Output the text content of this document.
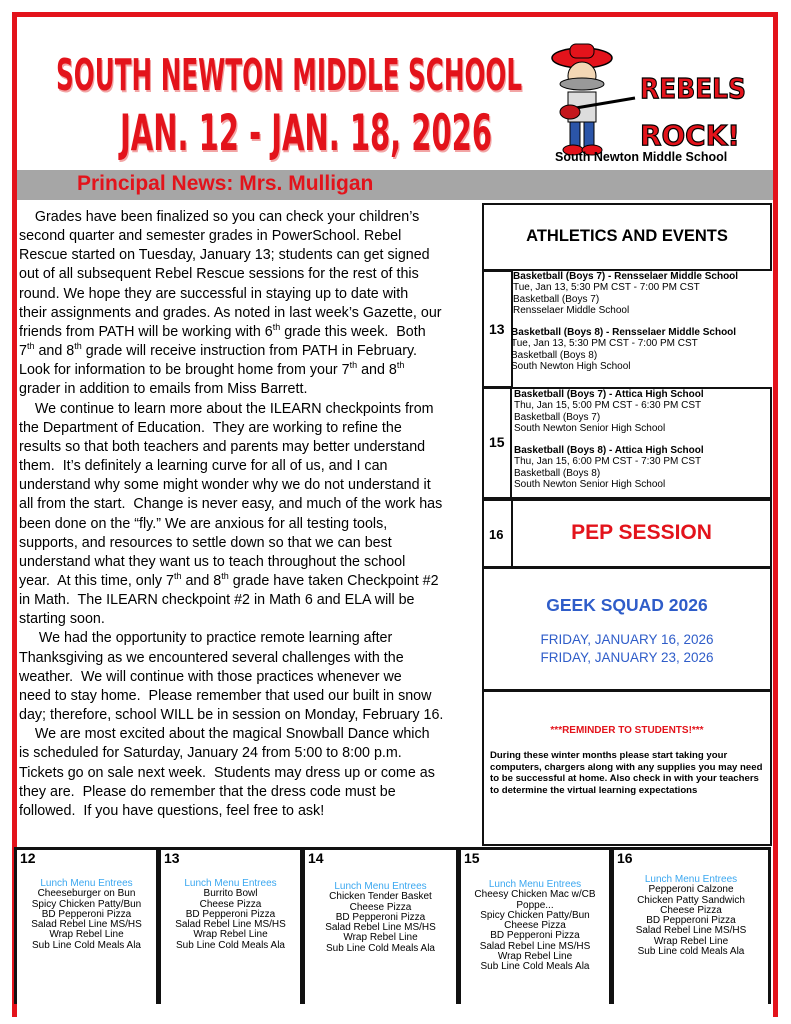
SOUTH NEWTON MIDDLE SCHOOL
JAN. 12 - JAN. 18, 2026
REBELS
ROCK!
South Newton Middle School
Principal News: Mrs. Mulligan
Grades have been finalized so you can check your children’s
second quarter and semester grades in PowerSchool. Rebel
Rescue started on Tuesday, January 13; students can get signed
out of all subsequent Rebel Rescue sessions for the rest of this
round. We hope they are successful in staying up to date with
their assignments and grades. As noted in last week’s Gazette, our
friends from PATH will be working with 6th grade this week.  Both
7th and 8th grade will receive instruction from PATH in February.
Look for information to be brought home from your 7th and 8th
grader in addition to emails from Miss Barrett.
We continue to learn more about the ILEARN checkpoints from
the Department of Education.  They are working to refine the
results so that both teachers and parents may better understand
them.  It’s definitely a learning curve for all of us, and I can
understand why some might wonder why we do not understand it
all from the start.  Change is never easy, and much of the work has
been done on the “fly.” We are anxious for all testing tools,
supports, and resources to settle down so that we can best
understand what they want us to teach throughout the school
year.  At this time, only 7th and 8th grade have taken Checkpoint #2
in Math.  The ILEARN checkpoint #2 in Math 6 and ELA will be
starting soon.
We had the opportunity to practice remote learning after
Thanksgiving as we encountered several challenges with the
weather.  We will continue with those practices whenever we
need to stay home.  Please remember that used our built in snow
day; therefore, school WILL be in session on Monday, February 16.
We are most excited about the magical Snowball Dance which
is scheduled for Saturday, January 24 from 5:00 to 8:00 p.m.
Tickets go on sale next week.  Students may dress up or come as
they are.  Please do remember that the dress code must be
followed.  If you have questions, feel free to ask!
ATHLETICS AND EVENTS
13
Basketball (Boys 7) - Rensselaer Middle School
Tue, Jan 13, 5:30 PM CST - 7:00 PM CST
Basketball (Boys 7)
Rensselaer Middle School
Basketball (Boys 8) - Rensselaer Middle School
Tue, Jan 13, 5:30 PM CST - 7:00 PM CST
Basketball (Boys 8)
South Newton High School
15
Basketball (Boys 7) - Attica High School
Thu, Jan 15, 5:00 PM CST - 6:30 PM CST
Basketball (Boys 7)
South Newton Senior High School
Basketball (Boys 8) - Attica High School
Thu, Jan 15, 6:00 PM CST - 7:30 PM CST
Basketball (Boys 8)
South Newton Senior High School
16	PEP SESSION
GEEK SQUAD 2026
FRIDAY, JANUARY 16, 2026
FRIDAY, JANUARY 23, 2026
***REMINDER TO STUDENTS!***
During these winter months please start taking your computers, chargers along with any supplies you may need to be successful at home. Also check in with your teachers to determine the virtual learning expectations
12
Lunch Menu Entrees
Cheeseburger on Bun
Spicy Chicken Patty/Bun
BD Pepperoni Pizza
Salad Rebel Line MS/HS
Wrap Rebel Line
Sub Line Cold Meals Ala
13
Lunch Menu Entrees
Burrito Bowl
Cheese Pizza
BD Pepperoni Pizza
Salad Rebel Line MS/HS
Wrap Rebel Line
Sub Line Cold Meals Ala
14
Lunch Menu Entrees
Chicken Tender Basket
Cheese Pizza
BD Pepperoni Pizza
Salad Rebel Line MS/HS
Wrap Rebel Line
Sub Line Cold Meals Ala
15
Lunch Menu Entrees
Cheesy Chicken Mac w/CB
Poppe...
Spicy Chicken Patty/Bun
Cheese Pizza
BD Pepperoni Pizza
Salad Rebel Line MS/HS
Wrap Rebel Line
Sub Line Cold Meals Ala
16
Lunch Menu Entrees
Pepperoni Calzone
Chicken Patty Sandwich
Cheese Pizza
BD Pepperoni Pizza
Salad Rebel Line MS/HS
Wrap Rebel Line
Sub Line cold Meals Ala
